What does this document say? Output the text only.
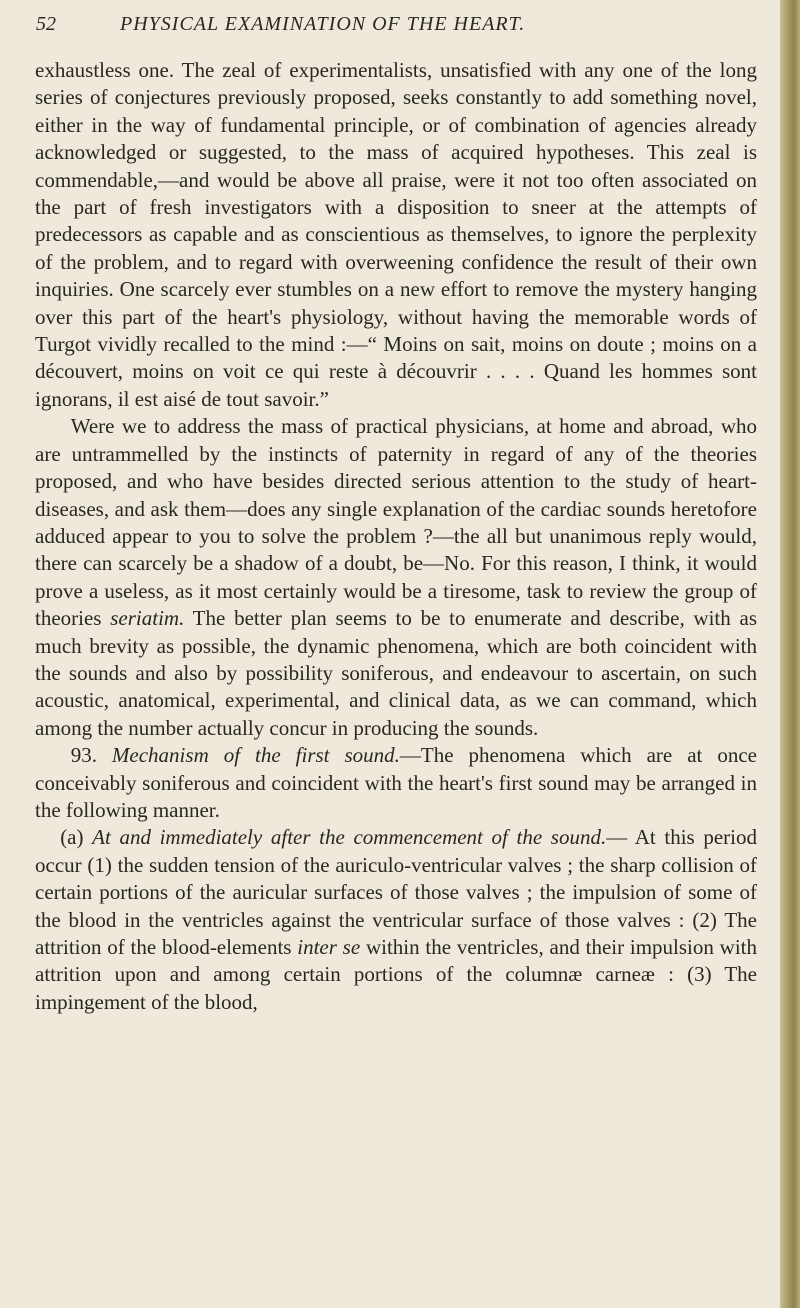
52	PHYSICAL EXAMINATION OF THE HEART.

exhaustless one. The zeal of experimentalists, unsatisfied with any one of the long series of conjectures previously proposed, seeks constantly to add something novel, either in the way of fundamental principle, or of combination of agencies already acknowledged or suggested, to the mass of acquired hypotheses. This zeal is commendable,—and would be above all praise, were it not too often associated on the part of fresh investigators with a disposition to sneer at the attempts of predecessors as capable and as conscientious as themselves, to ignore the perplexity of the problem, and to regard with overweening confidence the result of their own inquiries. One scarcely ever stumbles on a new effort to remove the mystery hanging over this part of the heart's physiology, without having the memorable words of Turgot vividly recalled to the mind :—“ Moins on sait, moins on doute ; moins on a découvert, moins on voit ce qui reste à découvrir . . . . Quand les hommes sont ignorans, il est aisé de tout savoir.”

Were we to address the mass of practical physicians, at home and abroad, who are untrammelled by the instincts of paternity in regard of any of the theories proposed, and who have besides directed serious attention to the study of heart-diseases, and ask them—does any single explanation of the cardiac sounds heretofore adduced appear to you to solve the problem ?—the all but unanimous reply would, there can scarcely be a shadow of a doubt, be—No. For this reason, I think, it would prove a useless, as it most certainly would be a tiresome, task to review the group of theories seriatim. The better plan seems to be to enumerate and describe, with as much brevity as possible, the dynamic phenomena, which are both coincident with the sounds and also by possibility soniferous, and endeavour to ascertain, on such acoustic, anatomical, experimental, and clinical data, as we can command, which among the number actually concur in producing the sounds.

93. Mechanism of the first sound.—The phenomena which are at once conceivably soniferous and coincident with the heart's first sound may be arranged in the following manner.

(a) At and immediately after the commencement of the sound.— At this period occur (1) the sudden tension of the auriculo-ventricular valves ; the sharp collision of certain portions of the auricular surfaces of those valves ; the impulsion of some of the blood in the ventricles against the ventricular surface of those valves : (2) The attrition of the blood-elements inter se within the ventricles, and their impulsion with attrition upon and among certain portions of the columnæ carneæ : (3) The impingement of the blood,
